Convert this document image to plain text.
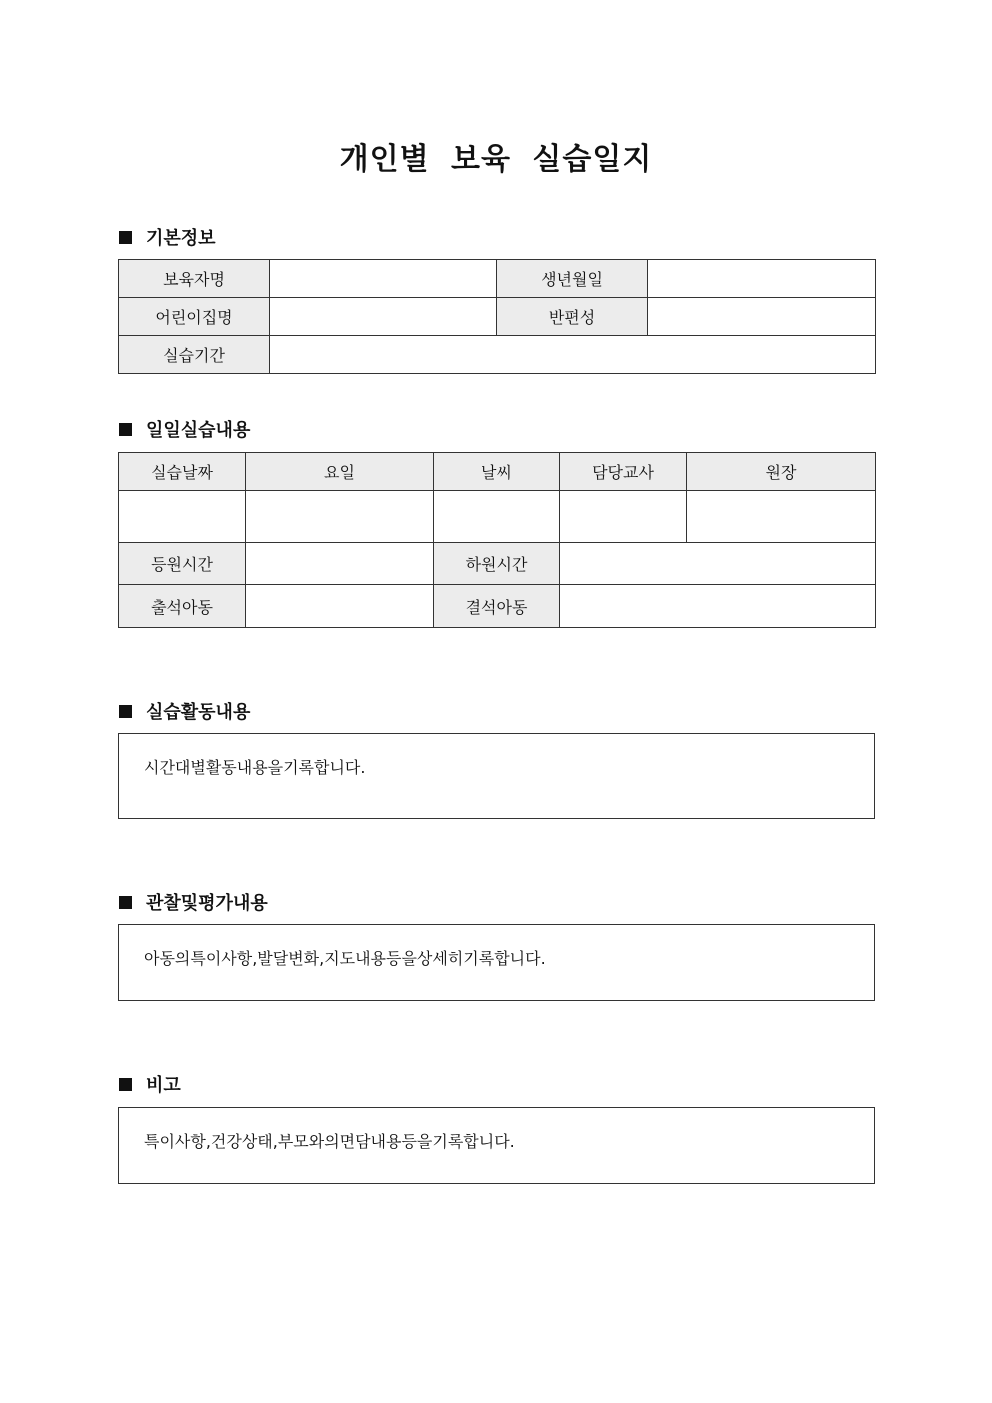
개인별 보육 실습일지
기본정보
보육자명		생년월일	
어린이집명		반편성	
실습기간			
일일실습내용
실습날짜	요일	날씨	담당교사	원장

등원시간		하원시간		
출석아동		결석아동		
실습활동내용
시간대별활동내용을기록합니다.
관찰및평가내용
아동의특이사항,발달변화,지도내용등을상세히기록합니다.
비고
특이사항,건강상태,부모와의면담내용등을기록합니다.
